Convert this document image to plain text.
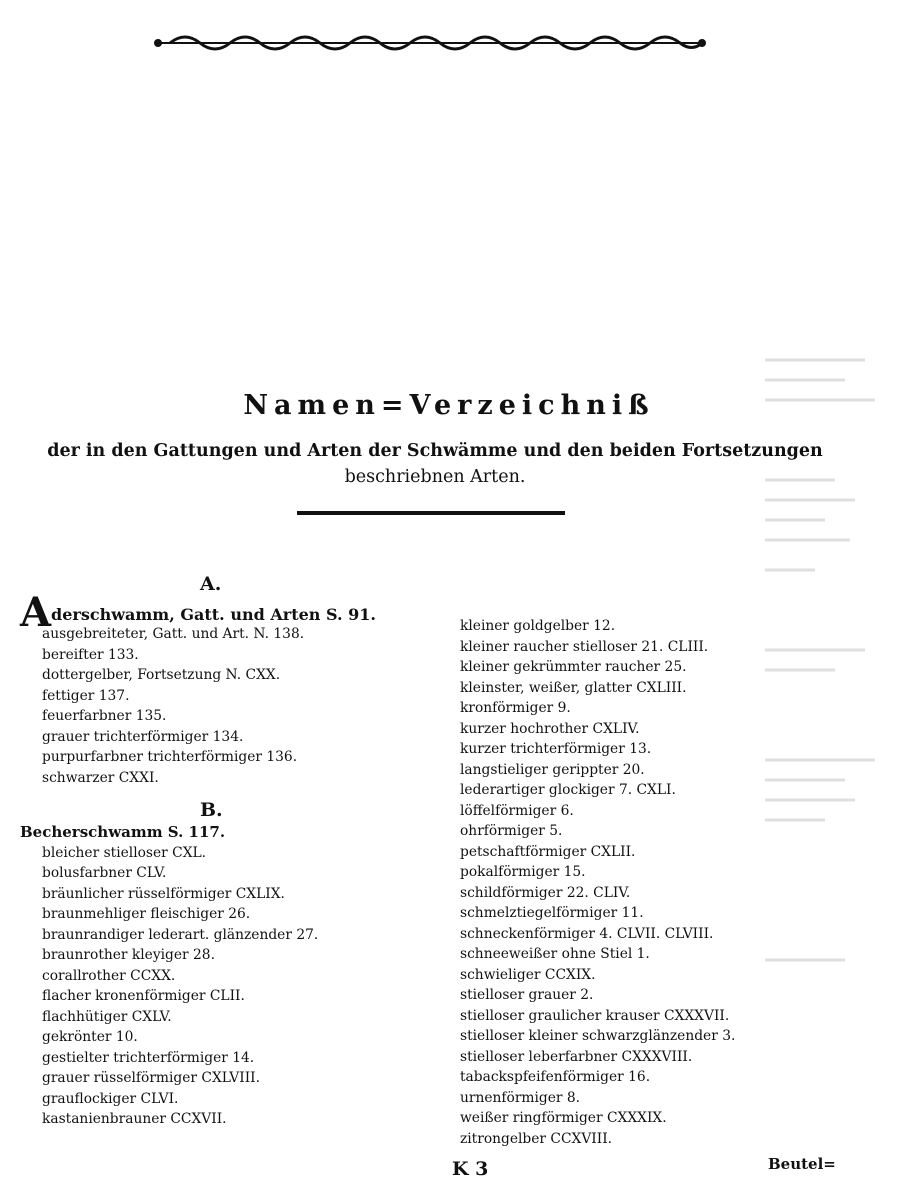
Namen=Verzeichniß
der in den Gattungen und Arten der Schwämme und den beiden Fortsetzungen
beschriebnen Arten.
A.
Aderschwamm, Gatt. und Arten S. 91.
ausgebreiteter, Gatt. und Art. N. 138.
bereifter 133.
dottergelber, Fortsetzung N. CXX.
fettiger 137.
feuerfarbner 135.
grauer trichterförmiger 134.
purpurfarbner trichterförmiger 136.
schwarzer CXXI.
B.
Becherschwamm S. 117.
bleicher stielloser CXL.
bolusfarbner CLV.
bräunlicher rüsselförmiger CXLIX.
braunmehliger fleischiger 26.
braunrandiger lederart. glänzender 27.
braunrother kleyiger 28.
corallrother CCXX.
flacher kronenförmiger CLII.
flachhütiger CXLV.
gekrönter 10.
gestielter trichterförmiger 14.
grauer rüsselförmiger CXLVIII.
grauflockiger CLVI.
kastanienbrauner CCXVII.
kleiner goldgelber 12.
kleiner raucher stielloser 21. CLIII.
kleiner gekrümmter raucher 25.
kleinster, weißer, glatter CXLIII.
kronförmiger 9.
kurzer hochrother CXLIV.
kurzer trichterförmiger 13.
langstieliger gerippter 20.
lederartiger glockiger 7. CXLI.
löffelförmiger 6.
ohrförmiger 5.
petschaftförmiger CXLII.
pokalförmiger 15.
schildförmiger 22. CLIV.
schmelztiegelförmiger 11.
schneckenförmiger 4. CLVII. CLVIII.
schneeweißer ohne Stiel 1.
schwieliger CCXIX.
stielloser grauer 2.
stielloser graulicher krauser CXXXVII.
stielloser kleiner schwarzglänzender 3.
stielloser leberfarbner CXXXVIII.
tabackspfeifenförmiger 16.
urnenförmiger 8.
weißer ringförmiger CXXXIX.
zitrongelber CCXVIII.
K 3	Beutel=
